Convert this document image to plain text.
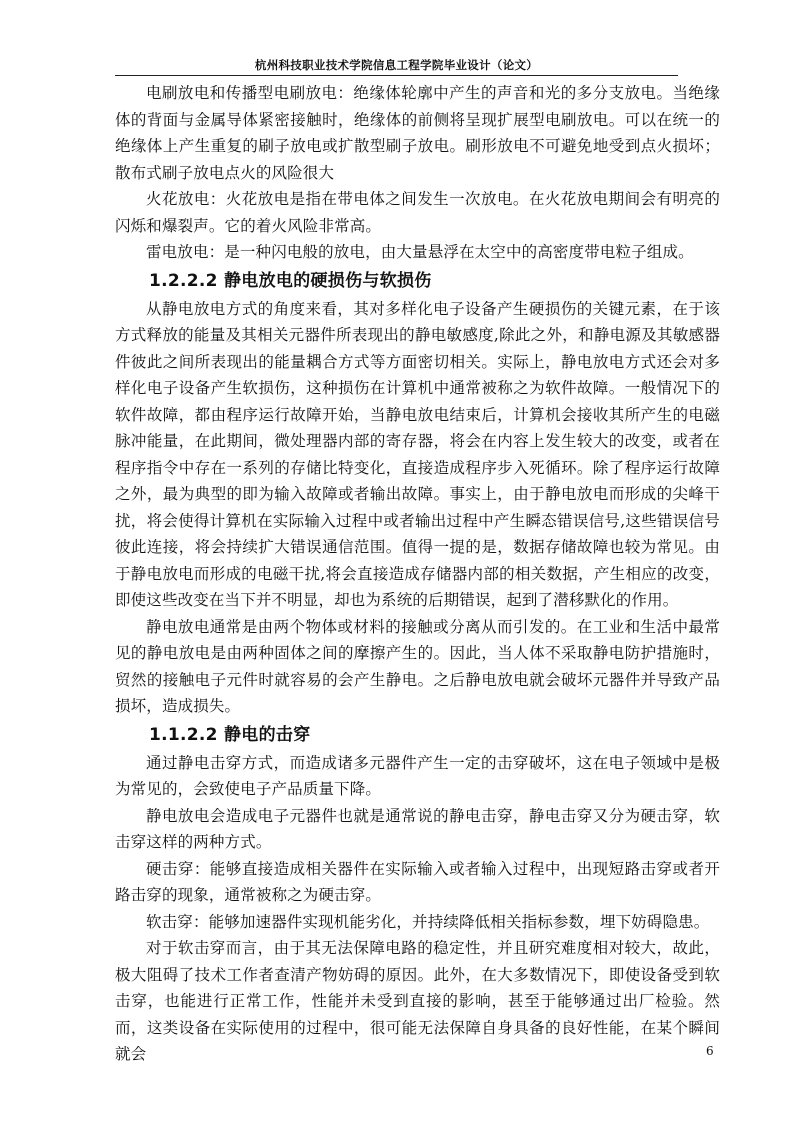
杭州科技职业技术学院信息工程学院毕业设计（论文）

电刷放电和传播型电刷放电：绝缘体轮廓中产生的声音和光的多分支放电。当绝缘体的背面与金属导体紧密接触时，绝缘体的前侧将呈现扩展型电刷放电。可以在统一的绝缘体上产生重复的刷子放电或扩散型刷子放电。刷形放电不可避免地受到点火损坏；散布式刷子放电点火的风险很大

火花放电：火花放电是指在带电体之间发生一次放电。在火花放电期间会有明亮的闪烁和爆裂声。它的着火风险非常高。

雷电放电：是一种闪电般的放电，由大量悬浮在太空中的高密度带电粒子组成。

1.2.2.2 静电放电的硬损伤与软损伤

从静电放电方式的角度来看，其对多样化电子设备产生硬损伤的关键元素，在于该方式释放的能量及其相关元器件所表现出的静电敏感度,除此之外，和静电源及其敏感器件彼此之间所表现出的能量耦合方式等方面密切相关。实际上，静电放电方式还会对多样化电子设备产生软损伤，这种损伤在计算机中通常被称之为软件故障。一般情况下的软件故障，都由程序运行故障开始，当静电放电结束后，计算机会接收其所产生的电磁脉冲能量，在此期间，微处理器内部的寄存器，将会在内容上发生较大的改变，或者在程序指令中存在一系列的存储比特变化，直接造成程序步入死循环。除了程序运行故障之外，最为典型的即为输入故障或者输出故障。事实上，由于静电放电而形成的尖峰干扰，将会使得计算机在实际输入过程中或者输出过程中产生瞬态错误信号,这些错误信号彼此连接，将会持续扩大错误通信范围。值得一提的是，数据存储故障也较为常见。由于静电放电而形成的电磁干扰,将会直接造成存储器内部的相关数据，产生相应的改变，即使这些改变在当下并不明显，却也为系统的后期错误，起到了潜移默化的作用。

静电放电通常是由两个物体或材料的接触或分离从而引发的。在工业和生活中最常见的静电放电是由两种固体之间的摩擦产生的。因此，当人体不采取静电防护措施时，贸然的接触电子元件时就容易的会产生静电。之后静电放电就会破坏元器件并导致产品损坏，造成损失。

1.1.2.2 静电的击穿

通过静电击穿方式，而造成诸多元器件产生一定的击穿破坏，这在电子领域中是极为常见的，会致使电子产品质量下降。

静电放电会造成电子元器件也就是通常说的静电击穿，静电击穿又分为硬击穿，软击穿这样的两种方式。

硬击穿：能够直接造成相关器件在实际输入或者输入过程中，出现短路击穿或者开路击穿的现象，通常被称之为硬击穿。

软击穿：能够加速器件实现机能劣化，并持续降低相关指标参数，埋下妨碍隐患。

对于软击穿而言，由于其无法保障电路的稳定性，并且研究难度相对较大，故此，极大阻碍了技术工作者查清产物妨碍的原因。此外，在大多数情况下，即使设备受到软击穿，也能进行正常工作，性能并未受到直接的影响，甚至于能够通过出厂检验。然而，这类设备在实际使用的过程中，很可能无法保障自身具备的良好性能，在某个瞬间就会	6
